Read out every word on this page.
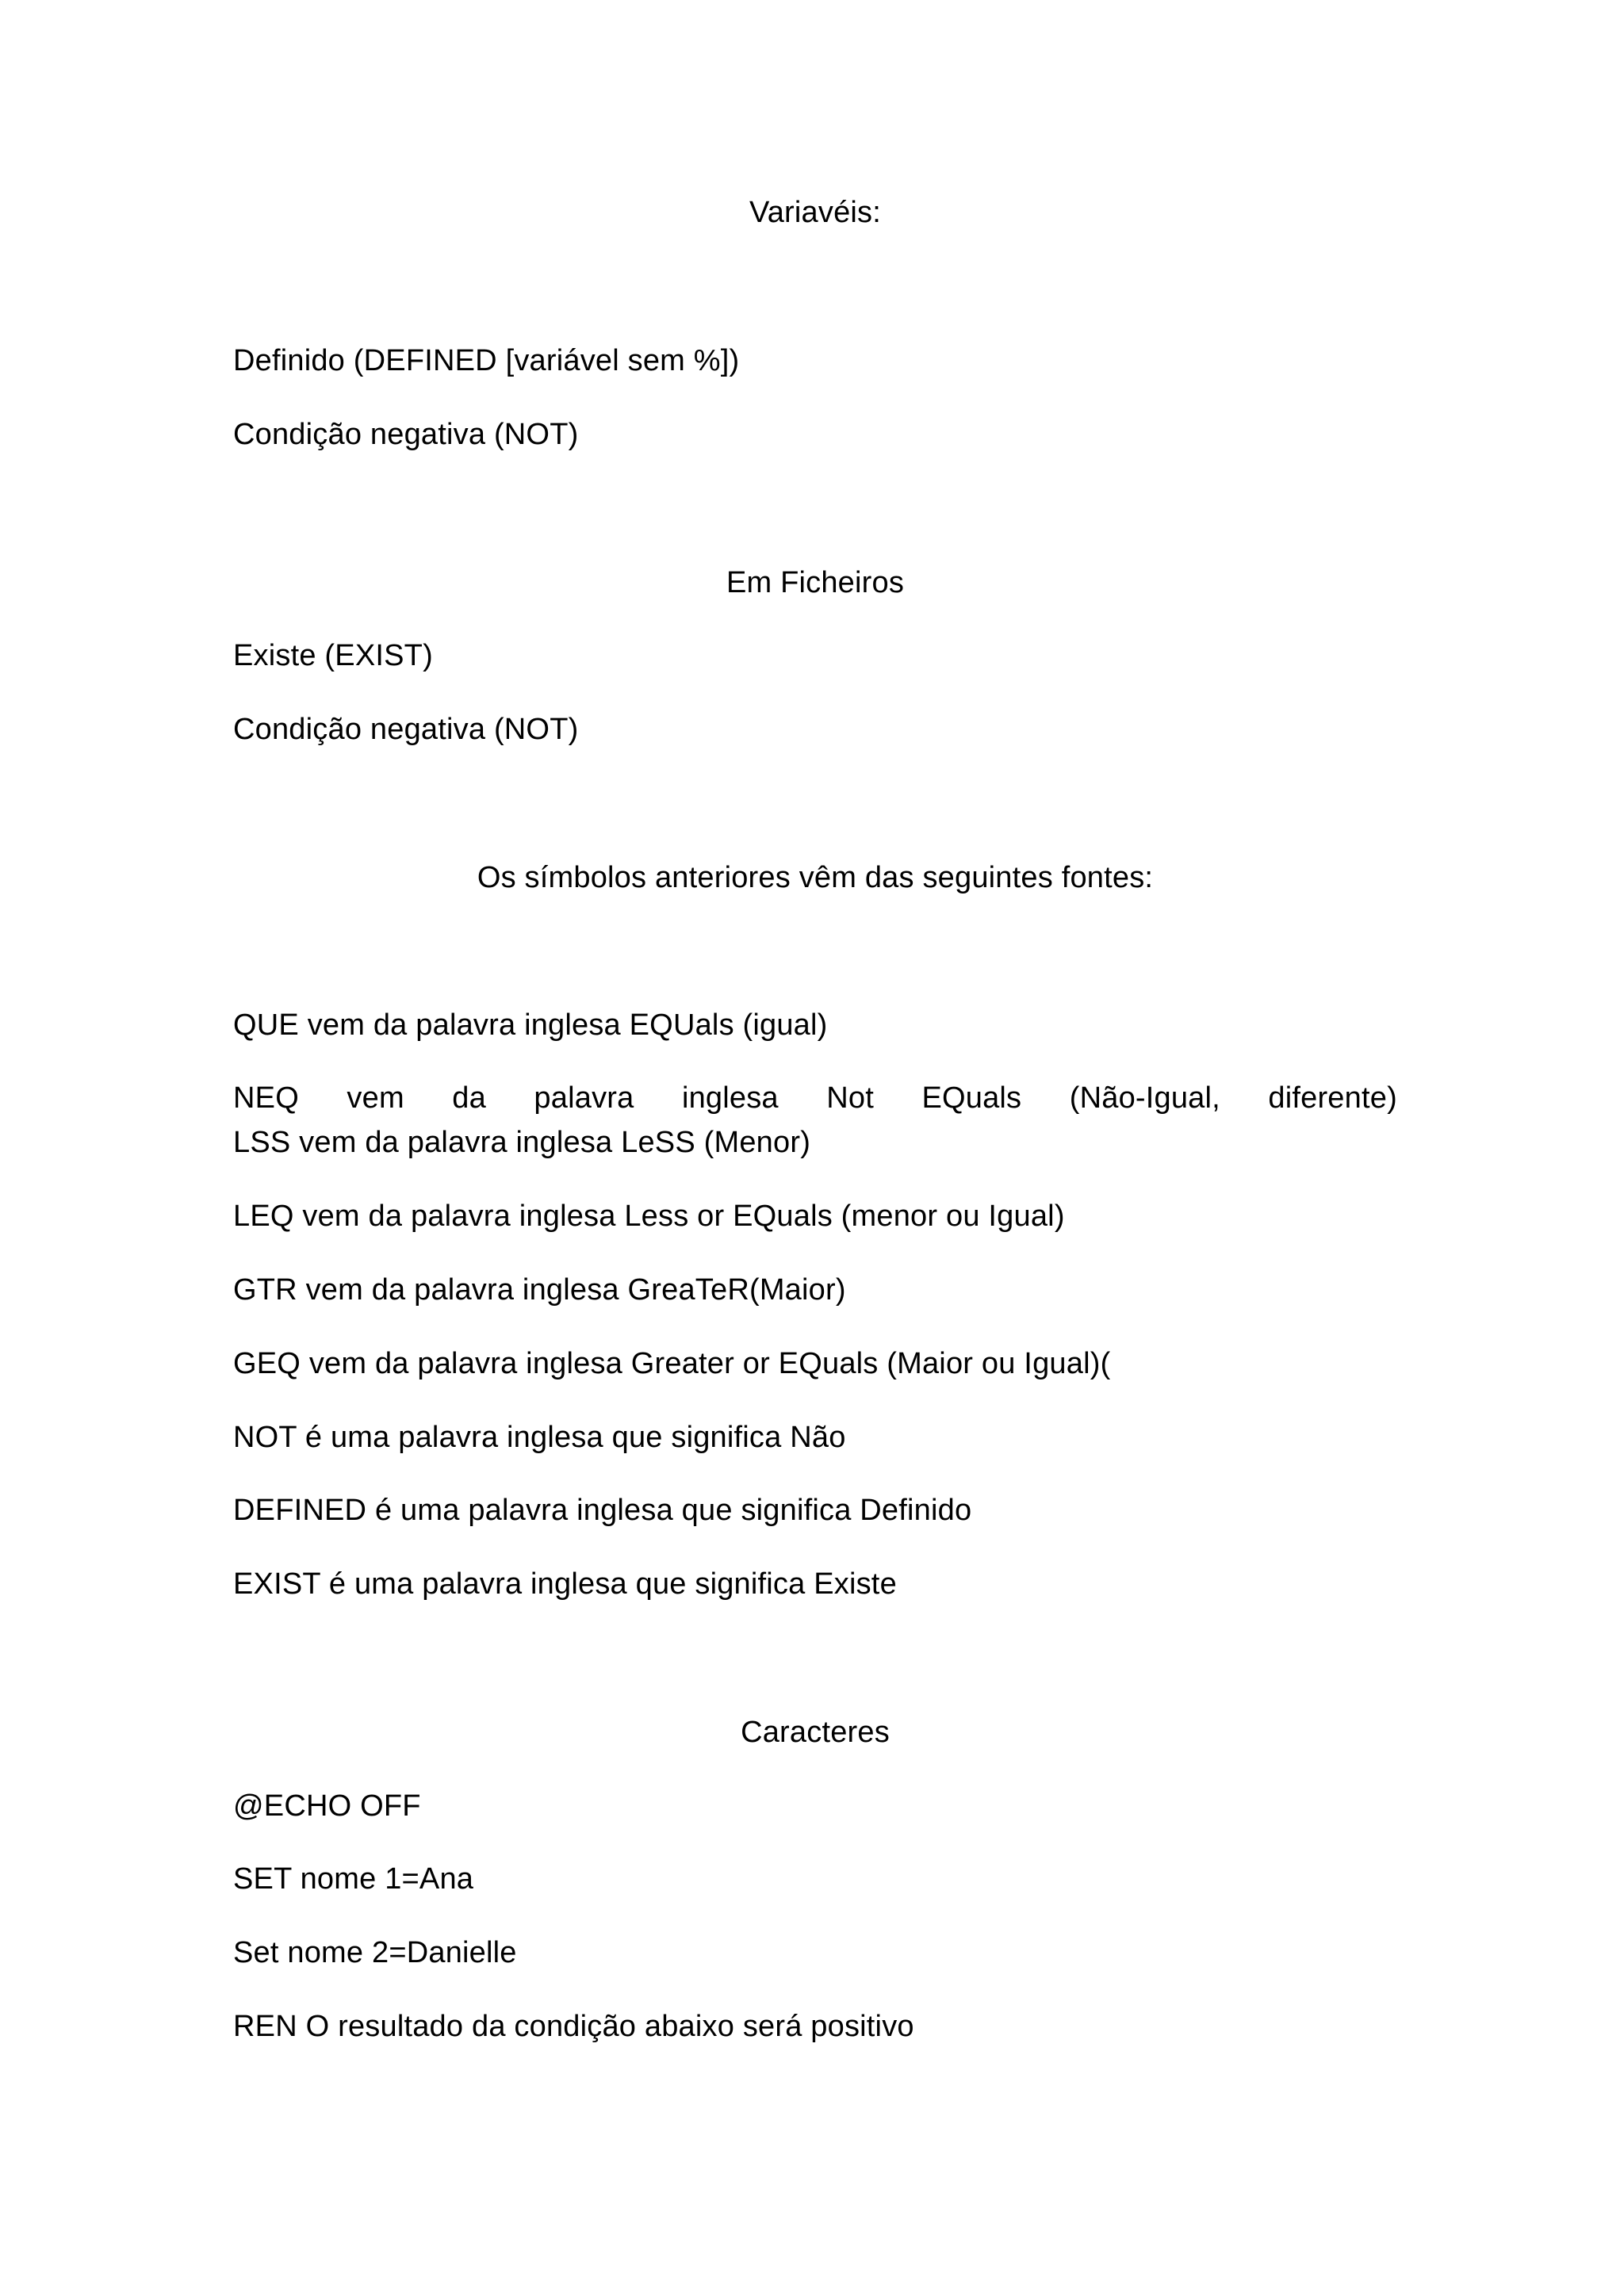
Variavéis:
Definido (DEFINED [variável sem %])
Condição negativa (NOT)
Em Ficheiros
Existe (EXIST)
Condição negativa (NOT)
Os símbolos anteriores vêm das seguintes fontes:
QUE vem da palavra inglesa EQUals (igual)
NEQ vem da palavra inglesa Not EQuals (Não-Igual, diferente)
LSS vem da palavra inglesa LeSS (Menor)
LEQ vem da palavra inglesa Less or EQuals (menor ou Igual)
GTR vem da palavra inglesa GreaTeR(Maior)
GEQ vem da palavra inglesa Greater or EQuals (Maior ou Igual)(
NOT é uma palavra inglesa que significa Não
DEFINED é uma palavra inglesa que significa Definido
EXIST é uma palavra inglesa que significa Existe
Caracteres
@ECHO OFF
SET nome 1=Ana
Set nome 2=Danielle
REN O resultado da condição abaixo será positivo
